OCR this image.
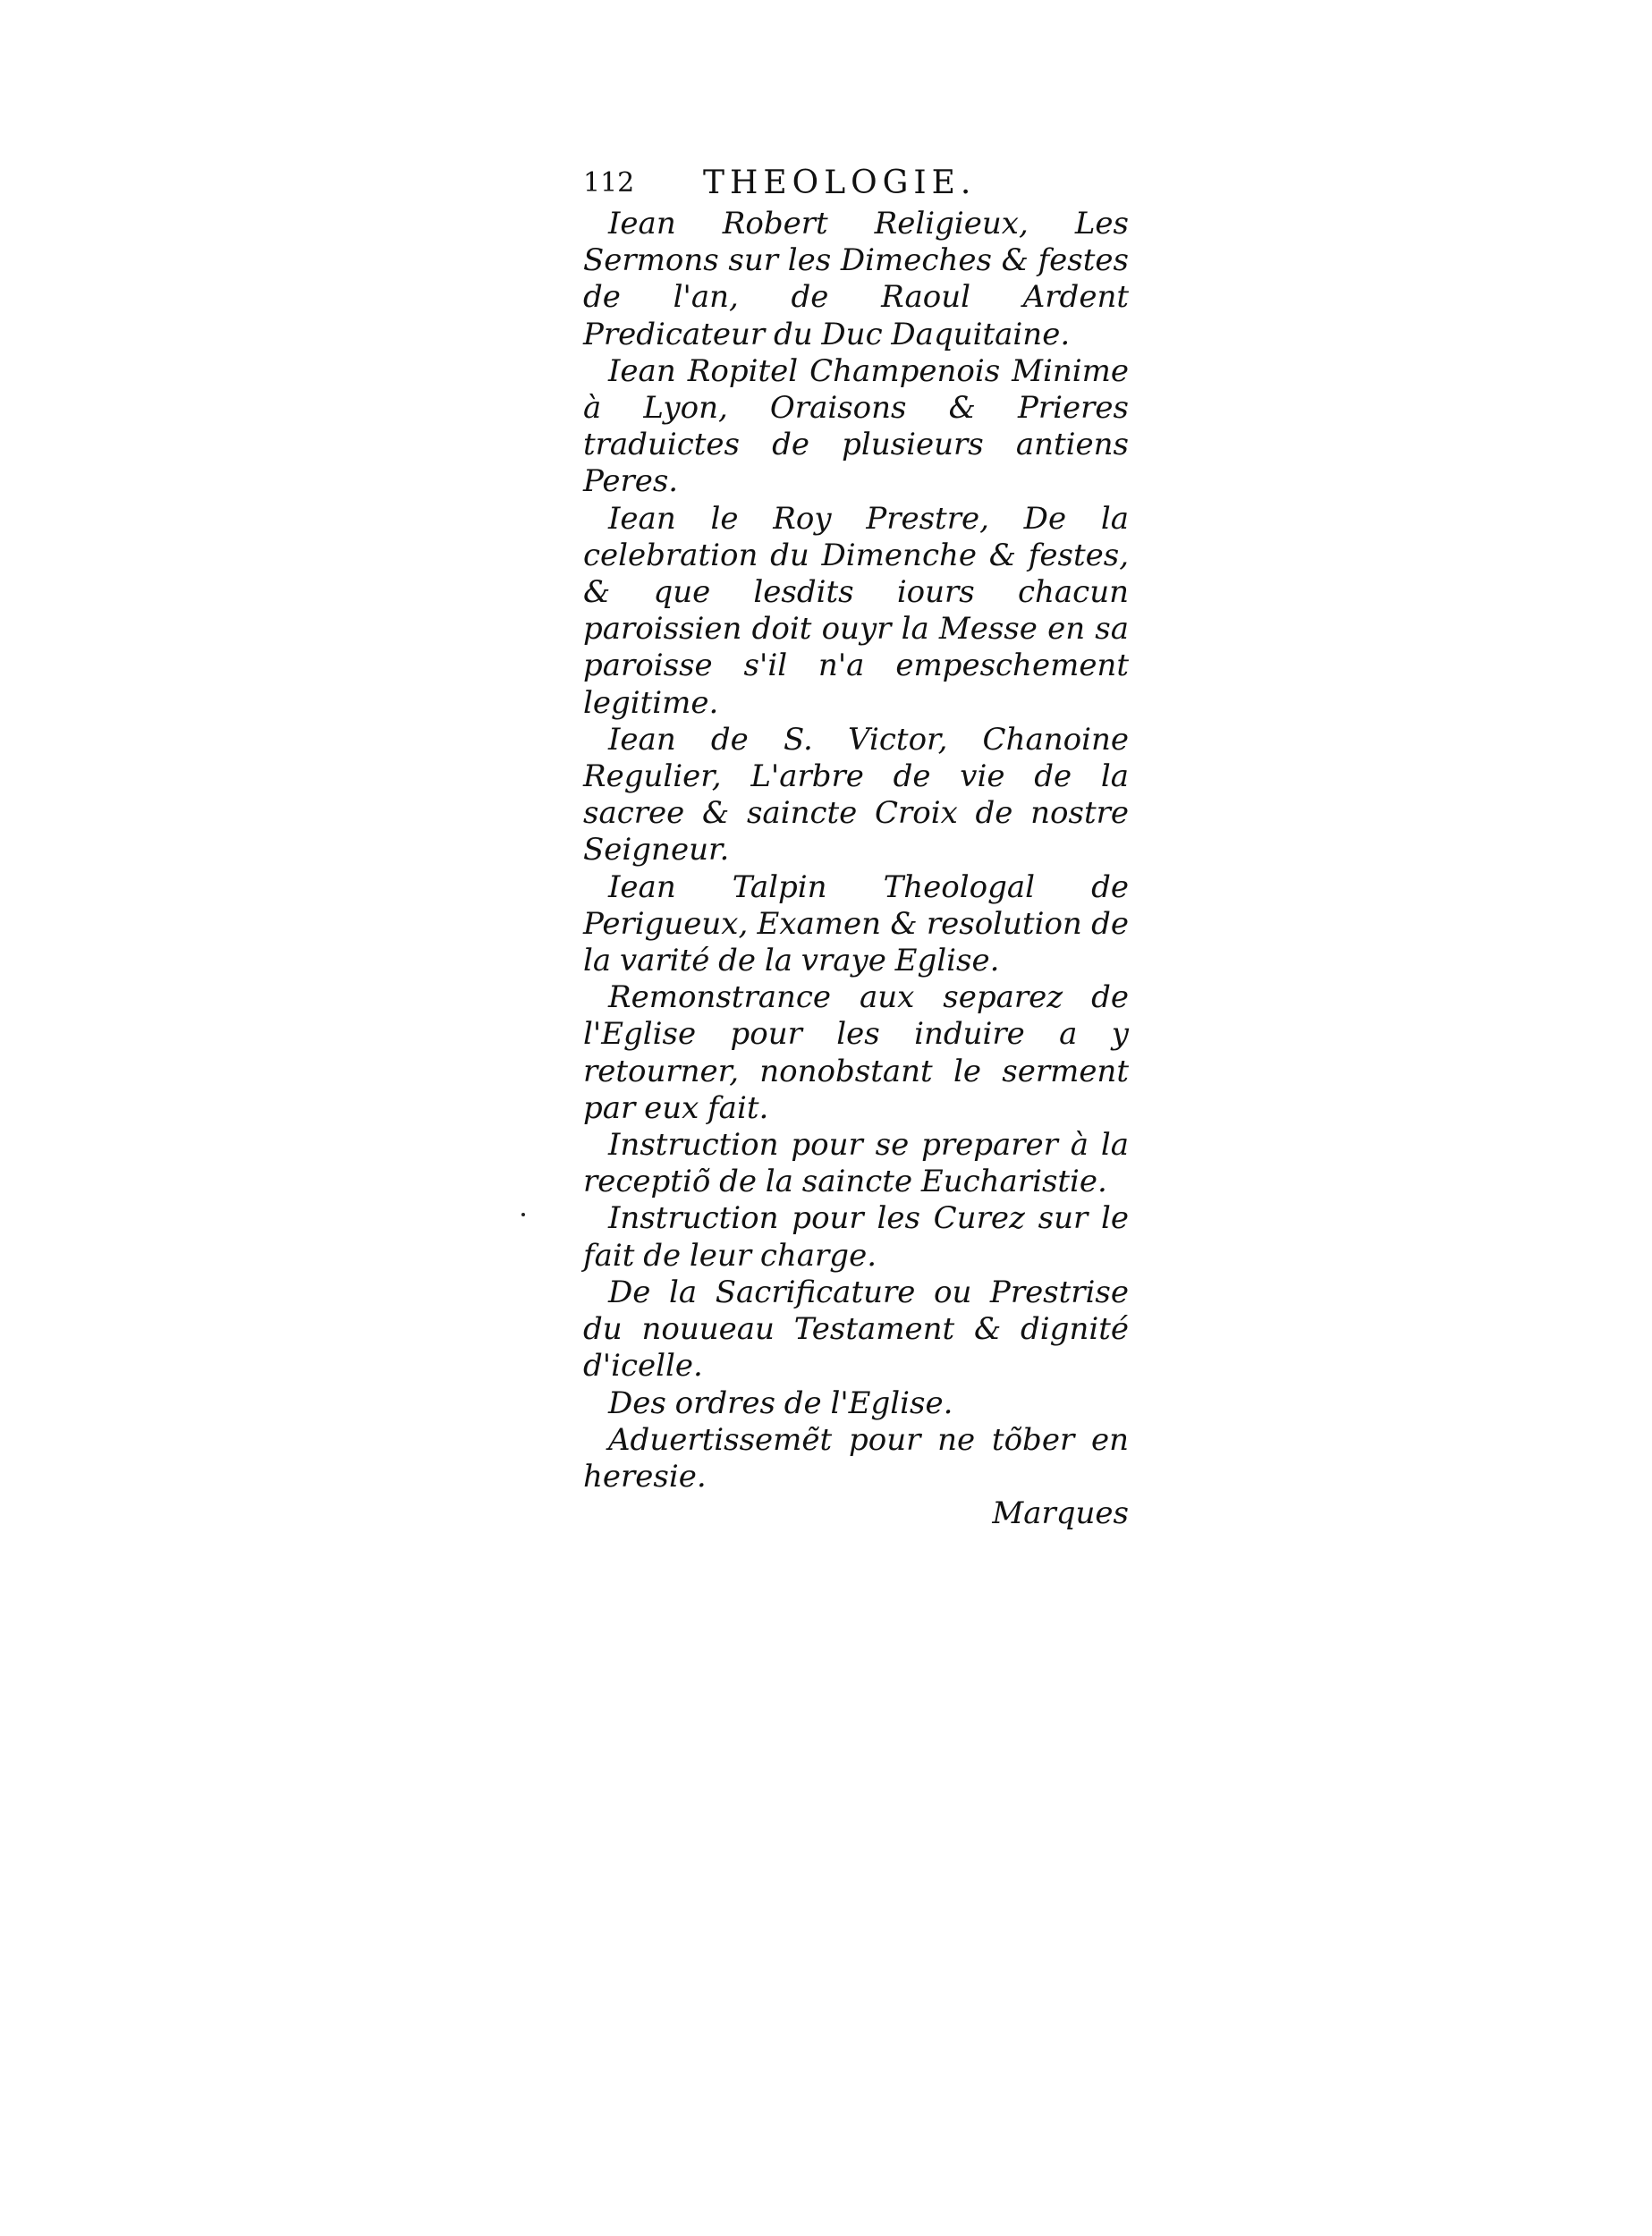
112 THEOLOGIE.

Iean Robert Religieux, Les Sermons sur les Dimeches & festes de l'an, de Raoul Ardent Predicateur du Duc Daquitaine.

Iean Ropitel Champenois Minime à Lyon, Oraisons & Prieres traduictes de plusieurs antiens Peres.

Iean le Roy Prestre, De la celebration du Dimenche & festes, & que lesdits iours chacun paroissien doit ouyr la Messe en sa paroisse s'il n'a empeschement legitime.

Iean de S. Victor, Chanoine Regulier, L'arbre de vie de la sacree & saincte Croix de nostre Seigneur.

Iean Talpin Theologal de Perigueux, Examen & resolution de la varité de la vraye Eglise.

Remonstrance aux separez de l'Eglise pour les induire a y retourner, nonobstant le serment par eux fait.

Instruction pour se preparer à la receptiõ de la saincte Eucharistie.

Instruction pour les Curez sur le fait de leur charge.

De la Sacrificature ou Prestrise du nouueau Testament & dignité d'icelle.

Des ordres de l'Eglise.

Aduertissemẽt pour ne tõber en heresie.

Marques
